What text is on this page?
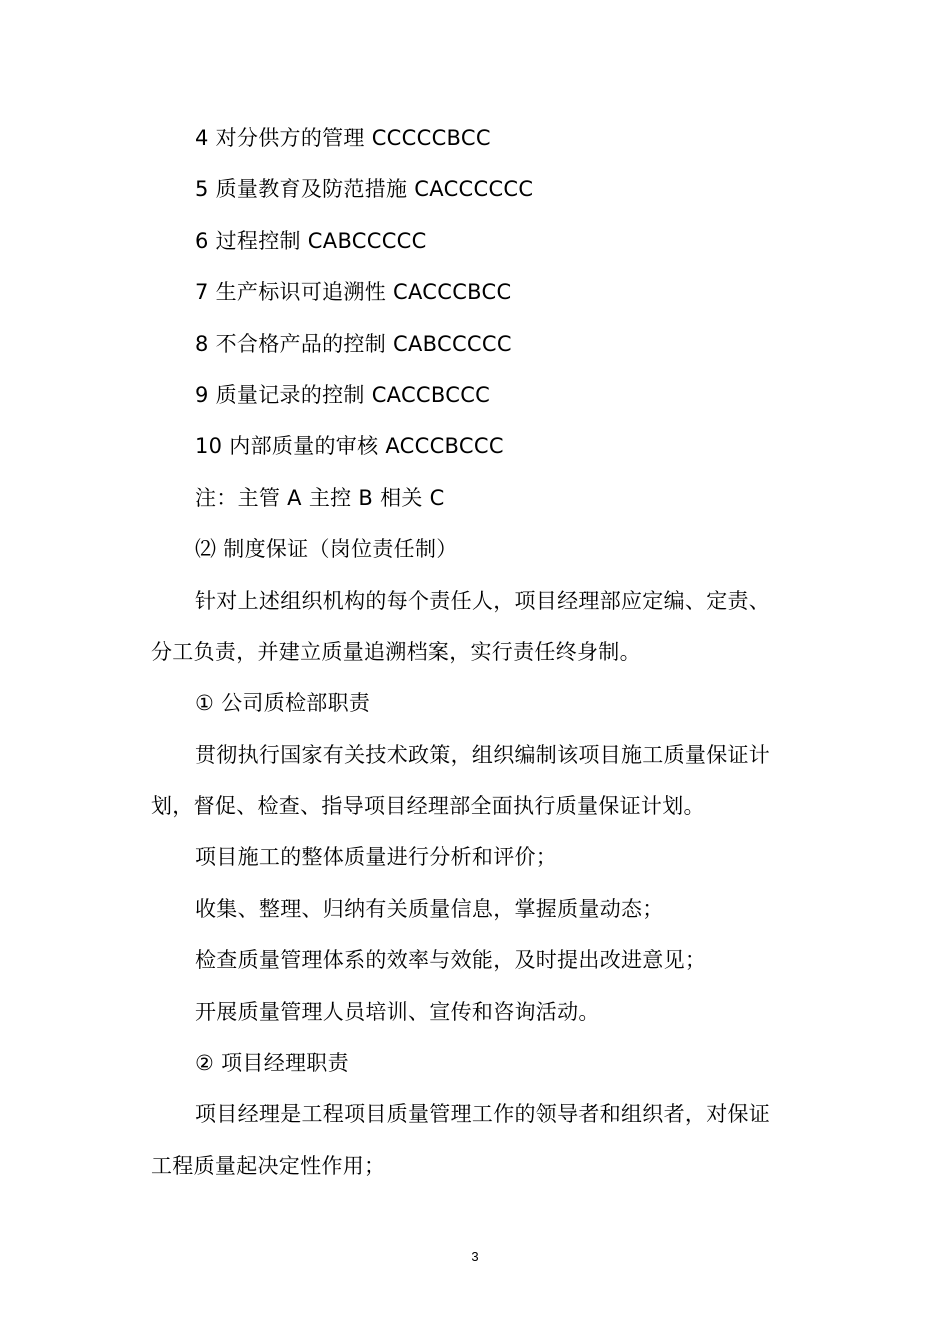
4 对分供方的管理 CCCCCBCC
5 质量教育及防范措施 CACCCCCC
6 过程控制 CABCCCCC
7 生产标识可追溯性 CACCCBCC
8 不合格产品的控制 CABCCCCC
9 质量记录的控制 CACCBCCC
10 内部质量的审核 ACCCBCCC
注：主管 A 主控 B 相关 C
⑵ 制度保证（岗位责任制）
针对上述组织机构的每个责任人，项目经理部应定编、定责、
分工负责，并建立质量追溯档案，实行责任终身制。
① 公司质检部职责
贯彻执行国家有关技术政策，组织编制该项目施工质量保证计
划，督促、检查、指导项目经理部全面执行质量保证计划。
项目施工的整体质量进行分析和评价；
收集、整理、归纳有关质量信息，掌握质量动态；
检查质量管理体系的效率与效能，及时提出改进意见；
开展质量管理人员培训、宣传和咨询活动。
② 项目经理职责
项目经理是工程项目质量管理工作的领导者和组织者，对保证
工程质量起决定性作用；
3
